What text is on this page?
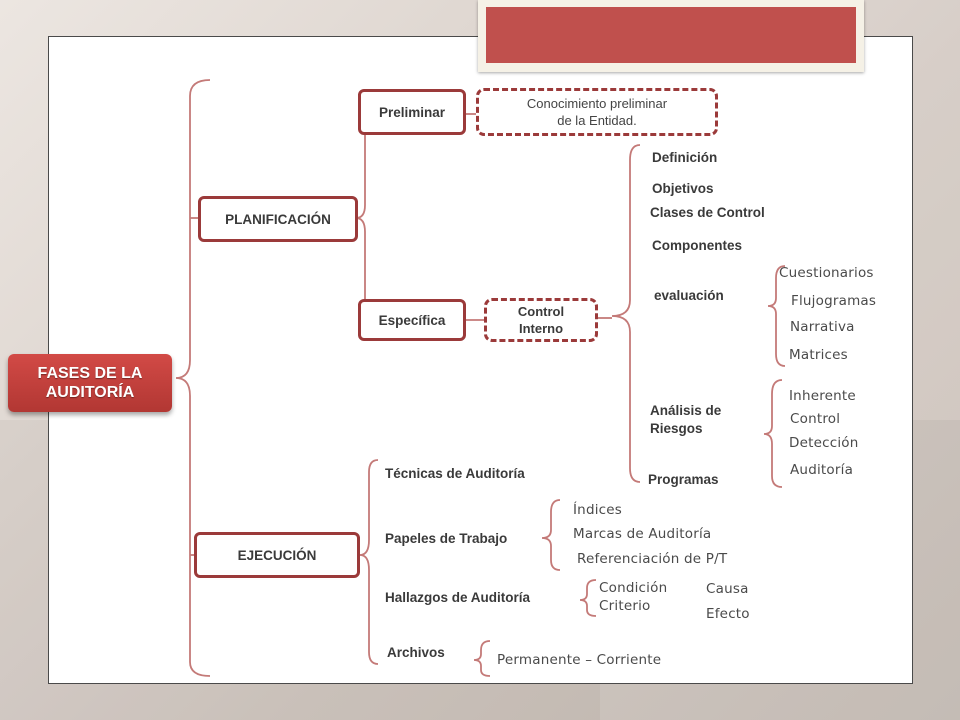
FASES DE LA
AUDITORÍA
PLANIFICACIÓN
EJECUCIÓN
Preliminar
Conocimiento preliminar
de la Entidad.
Específica
Control
Interno
Definición
Objetivos
Clases de Control
Componentes
evaluación
Análisis de
Riesgos
Programas
Cuestionarios
Flujogramas
Narrativa
Matrices
Inherente
Control
Detección
Auditoría
Técnicas de Auditoría
Papeles de Trabajo
Hallazgos de Auditoría
Archivos
Índices
Marcas de Auditoría
Referenciación de P/T
Condición
Criterio
Causa
Efecto
Permanente – Corriente
